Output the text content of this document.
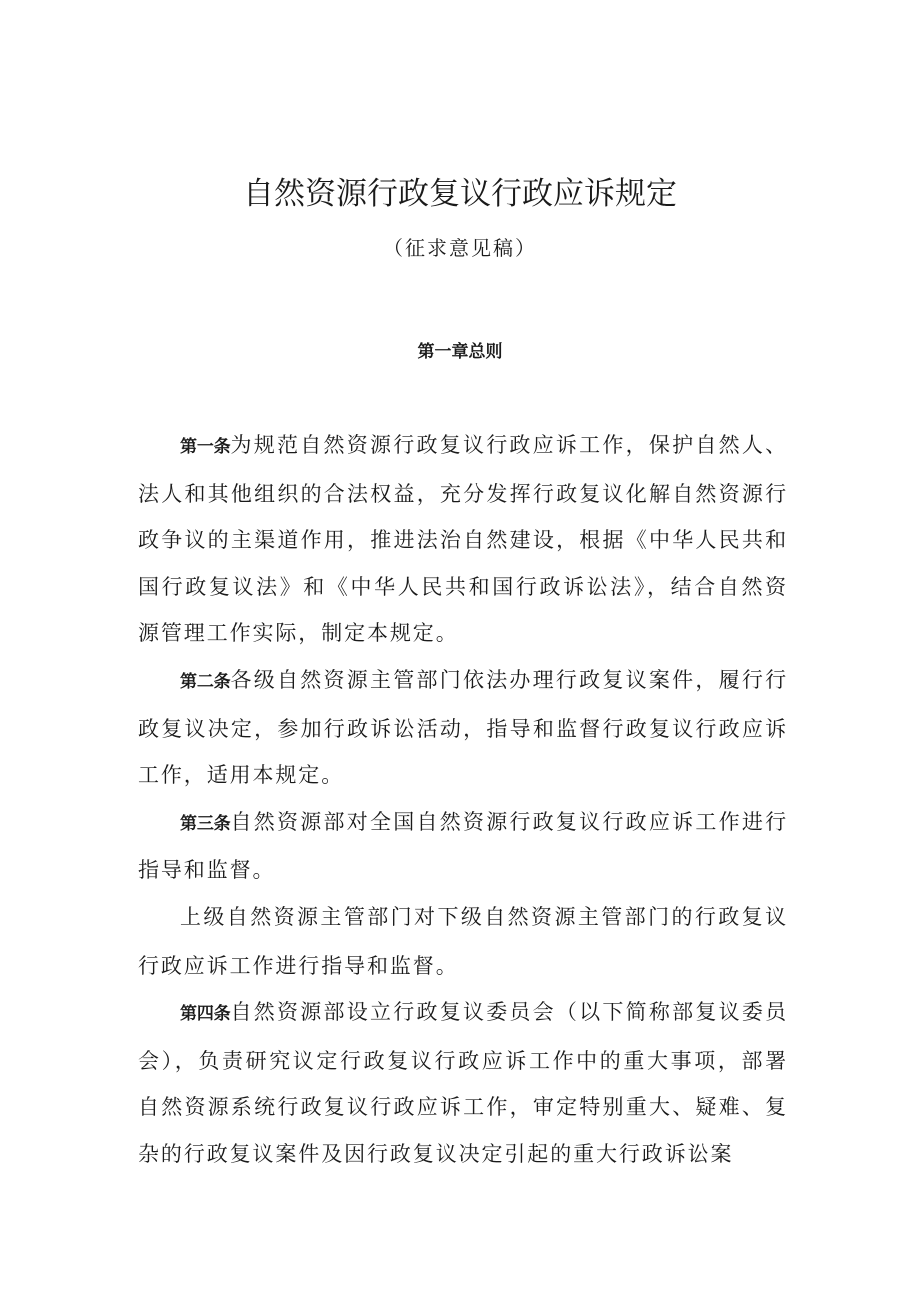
自然资源行政复议行政应诉规定
（征求意见稿）
第一章总则

第一条为规范自然资源行政复议行政应诉工作，保护自然人、法人和其他组织的合法权益，充分发挥行政复议化解自然资源行政争议的主渠道作用，推进法治自然建设，根据《中华人民共和国行政复议法》和《中华人民共和国行政诉讼法》，结合自然资源管理工作实际，制定本规定。

第二条各级自然资源主管部门依法办理行政复议案件，履行行政复议决定，参加行政诉讼活动，指导和监督行政复议行政应诉工作，适用本规定。

第三条自然资源部对全国自然资源行政复议行政应诉工作进行指导和监督。

上级自然资源主管部门对下级自然资源主管部门的行政复议行政应诉工作进行指导和监督。

第四条自然资源部设立行政复议委员会（以下简称部复议委员会），负责研究议定行政复议行政应诉工作中的重大事项，部署自然资源系统行政复议行政应诉工作，审定特别重大、疑难、复杂的行政复议案件及因行政复议决定引起的重大行政诉讼案
